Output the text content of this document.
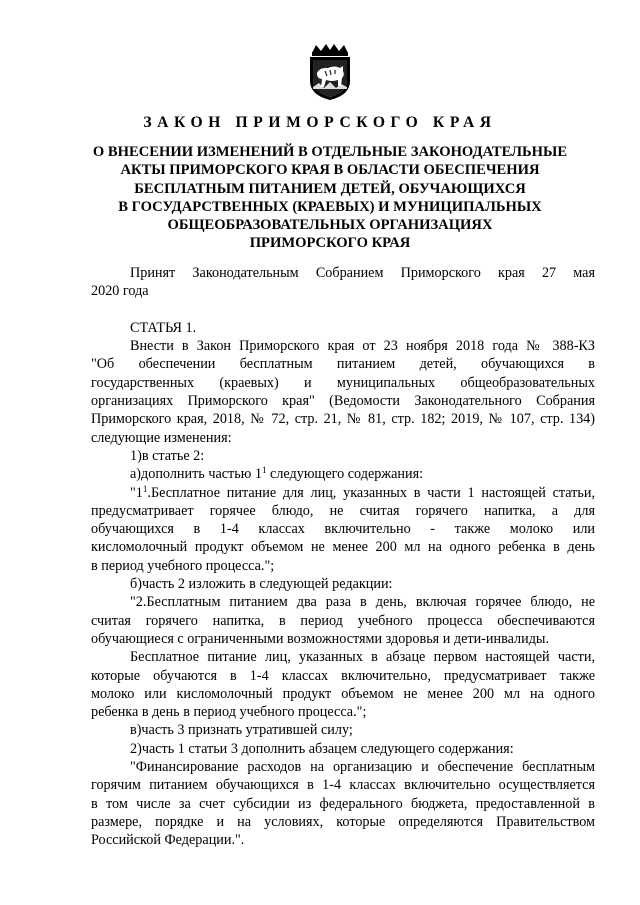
ЗАКОН ПРИМОРСКОГО КРАЯ
О ВНЕСЕНИИ ИЗМЕНЕНИЙ В ОТДЕЛЬНЫЕ ЗАКОНОДАТЕЛЬНЫЕ
АКТЫ ПРИМОРСКОГО КРАЯ В ОБЛАСТИ ОБЕСПЕЧЕНИЯ
БЕСПЛАТНЫМ ПИТАНИЕМ ДЕТЕЙ, ОБУЧАЮЩИХСЯ
В ГОСУДАРСТВЕННЫХ (КРАЕВЫХ) И МУНИЦИПАЛЬНЫХ
ОБЩЕОБРАЗОВАТЕЛЬНЫХ ОРГАНИЗАЦИЯХ
ПРИМОРСКОГО КРАЯ
Принят Законодательным Собранием Приморского края 27 мая
2020 года
СТАТЬЯ 1.
Внести в Закон Приморского края от 23 ноября 2018 года № 388-КЗ
"Об обеспечении бесплатным питанием детей, обучающихся в
государственных (краевых) и муниципальных общеобразовательных
организациях Приморского края" (Ведомости Законодательного Собрания
Приморского края, 2018, № 72, стр. 21, № 81, стр. 182; 2019, № 107, стр. 134)
следующие изменения:
1)в статье 2:
а)дополнить частью $1^1$ следующего содержания:
"$1^1.Бесплатное$ питание для лиц, указанных в части 1 настоящей статьи,
предусматривает горячее блюдо, не считая горячего напитка, а для
обучающихся в 1-4 классах включительно - также молоко или
кисломолочный продукт объемом не менее 200 мл на одного ребенка в день
в период учебного процесса.";
б)часть 2 изложить в следующей редакции:
"2.Бесплатным питанием два раза в день, включая горячее блюдо, не
считая горячего напитка, в период учебного процесса обеспечиваются
обучающиеся с ограниченными возможностями здоровья и дети-инвалиды.
Бесплатное питание лиц, указанных в абзаце первом настоящей части,
которые обучаются в 1-4 классах включительно, предусматривает также
молоко или кисломолочный продукт объемом не менее 200 мл на одного
ребенка в день в период учебного процесса.";
в)часть 3 признать утратившей силу;
2)часть 1 статьи 3 дополнить абзацем следующего содержания:
"Финансирование расходов на организацию и обеспечение бесплатным
горячим питанием обучающихся в 1-4 классах включительно осуществляется
в том числе за счет субсидии из федерального бюджета, предоставленной в
размере, порядке и на условиях, которые определяются Правительством
Российской Федерации.".
